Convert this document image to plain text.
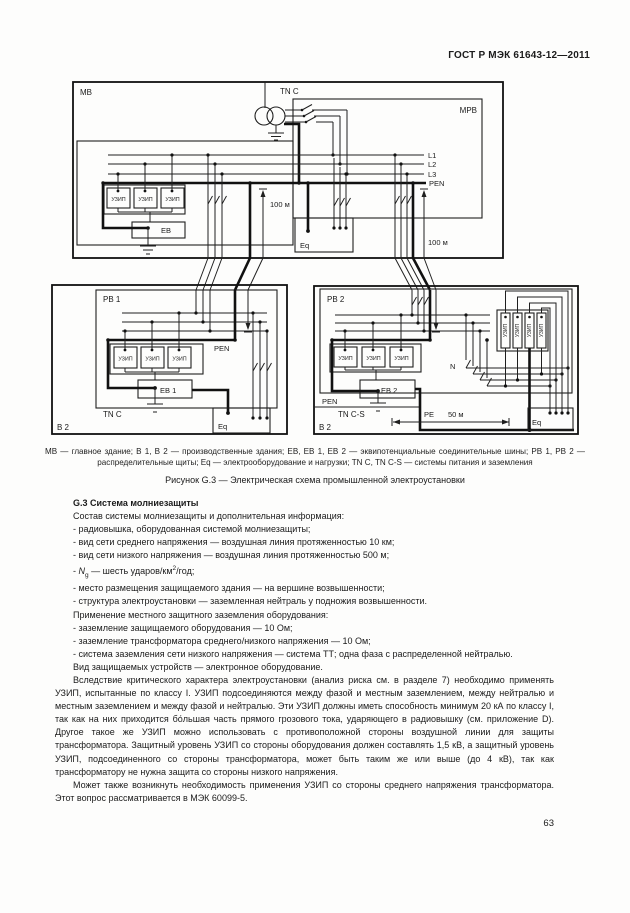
ГОСТ Р МЭК 61643-12—2011
МВ	TN C
МРВ
L1
L2
L3
PEN
УЗИП УЗИП УЗИП
ЕВ
100 м
Eq	100 м
В 2
РВ 1
TN C
PEN
УЗИП УЗИП УЗИП
ЕВ 1
Eq	В 2
РВ 2
PEN
TN C-S
УЗИП	УЗИП	УЗИП
ЕВ 2
PE 50 м
N
УЗИП УЗИП УЗИП УЗИП
Eq
МВ — главное здание; В 1, В 2 — производственные здания; ЕВ, ЕВ 1, ЕВ 2 — эквипотенциальные соединительные шины; РВ 1, РВ 2 — распределительные щиты; Eq — электрооборудование и нагрузки; TN C, TN C-S — системы питания и заземления
Рисунок G.3 — Электрическая схема промышленной электроустановки
G.3 Система молниезащиты
Состав системы молниезащиты и дополнительная информация:
- радиовышка, оборудованная системой молниезащиты;
- вид сети среднего напряжения — воздушная линия протяженностью 10 км;
- вид сети низкого напряжения — воздушная линия протяженностью 500 м;
- $N_g$ — шесть ударов/$км^2$/год;
- место размещения защищаемого здания — на вершине возвышенности;
- структура электроустановки — заземленная нейтраль у подножия возвышенности.
Применение местного защитного заземления оборудования:
- заземление защищаемого оборудования — 10 Ом;
- заземление трансформатора среднего/низкого напряжения — 10 Ом;
- система заземления сети низкого напряжения — система ТТ; одна фаза с распределенной нейтралью.
Вид защищаемых устройств — электронное оборудование.
Вследствие критического характера электроустановки (анализ риска см. в разделе 7) необходимо применять УЗИП, испытанные по классу I. УЗИП подсоединяются между фазой и местным заземлением, между нейтралью и местным заземлением и между фазой и нейтралью. Эти УЗИП должны иметь способность минимум 20 кА по классу I, так как на них приходится бо́льшая часть прямого грозового тока, ударяющего в радиовышку (см. приложение D). Другое такое же УЗИП можно использовать с противоположной стороны воздушной линии для защиты трансформатора. Защитный уровень УЗИП со стороны оборудования должен составлять 1,5 кВ, а защитный уровень УЗИП, подсоединенного со стороны трансформатора, может быть таким же или выше (до 4 кВ), так как трансформатору не нужна защита со стороны низкого напряжения.
Может также возникнуть необходимость применения УЗИП со стороны среднего напряжения трансформатора. Этот вопрос рассматривается в МЭК 60099-5.
63
